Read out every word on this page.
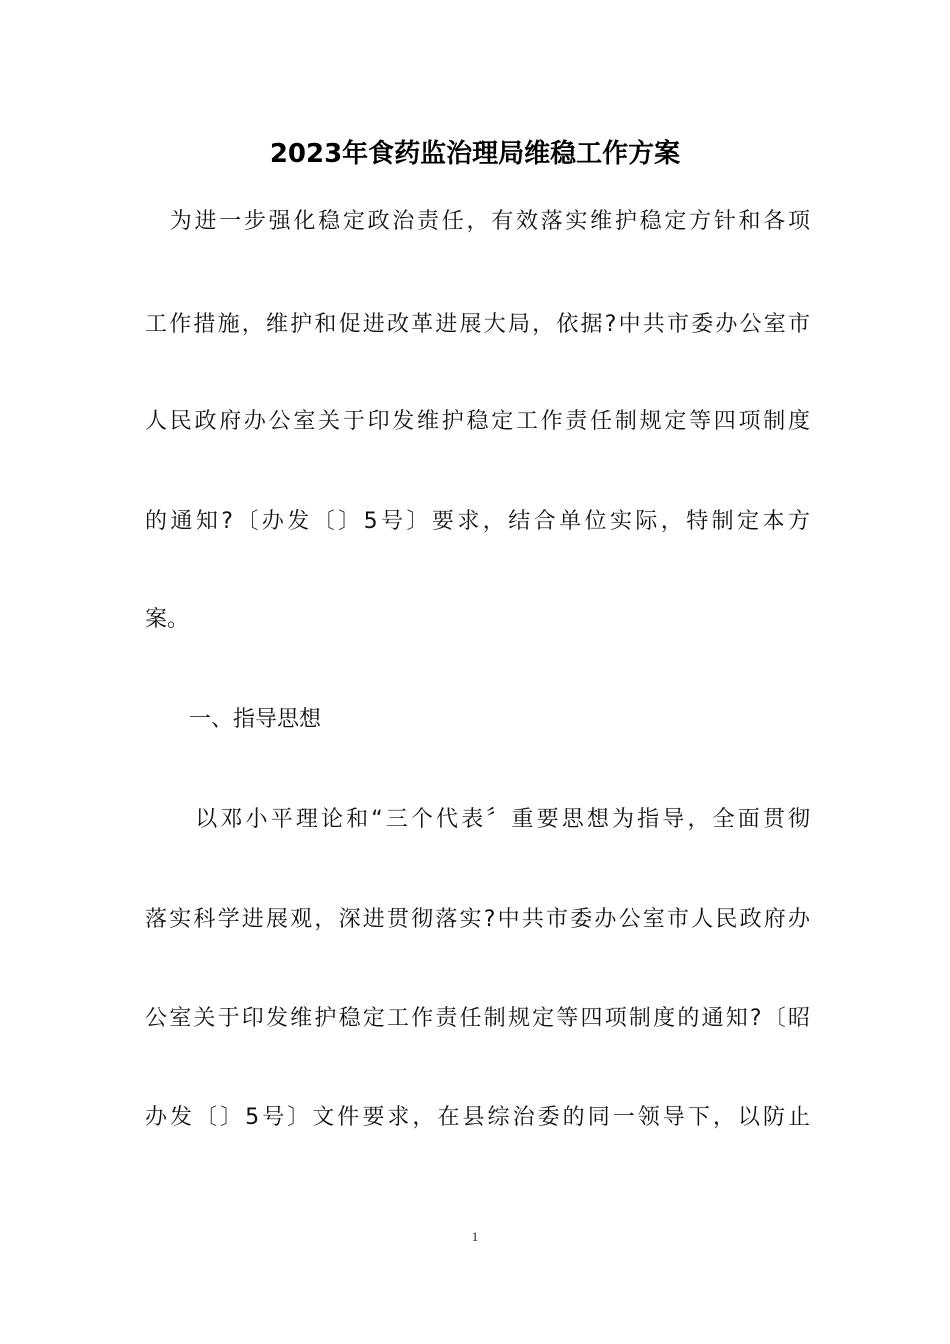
2023年食药监治理局维稳工作方案

　为进一步强化稳定政治责任，有效落实维护稳定方针和各项

工作措施，维护和促进改革进展大局，依据?中共市委办公室市

人民政府办公室关于印发维护稳定工作责任制规定等四项制度

的通知?〔办发〔〕5号〕要求，结合单位实际，特制定本方

案。

　　一、指导思想

　　以邓小平理论和“三个代表〞重要思想为指导，全面贯彻

落实科学进展观，深进贯彻落实?中共市委办公室市人民政府办

公室关于印发维护稳定工作责任制规定等四项制度的通知?〔昭

办发〔〕5号〕文件要求，在县综治委的同一领导下，以防止

1
